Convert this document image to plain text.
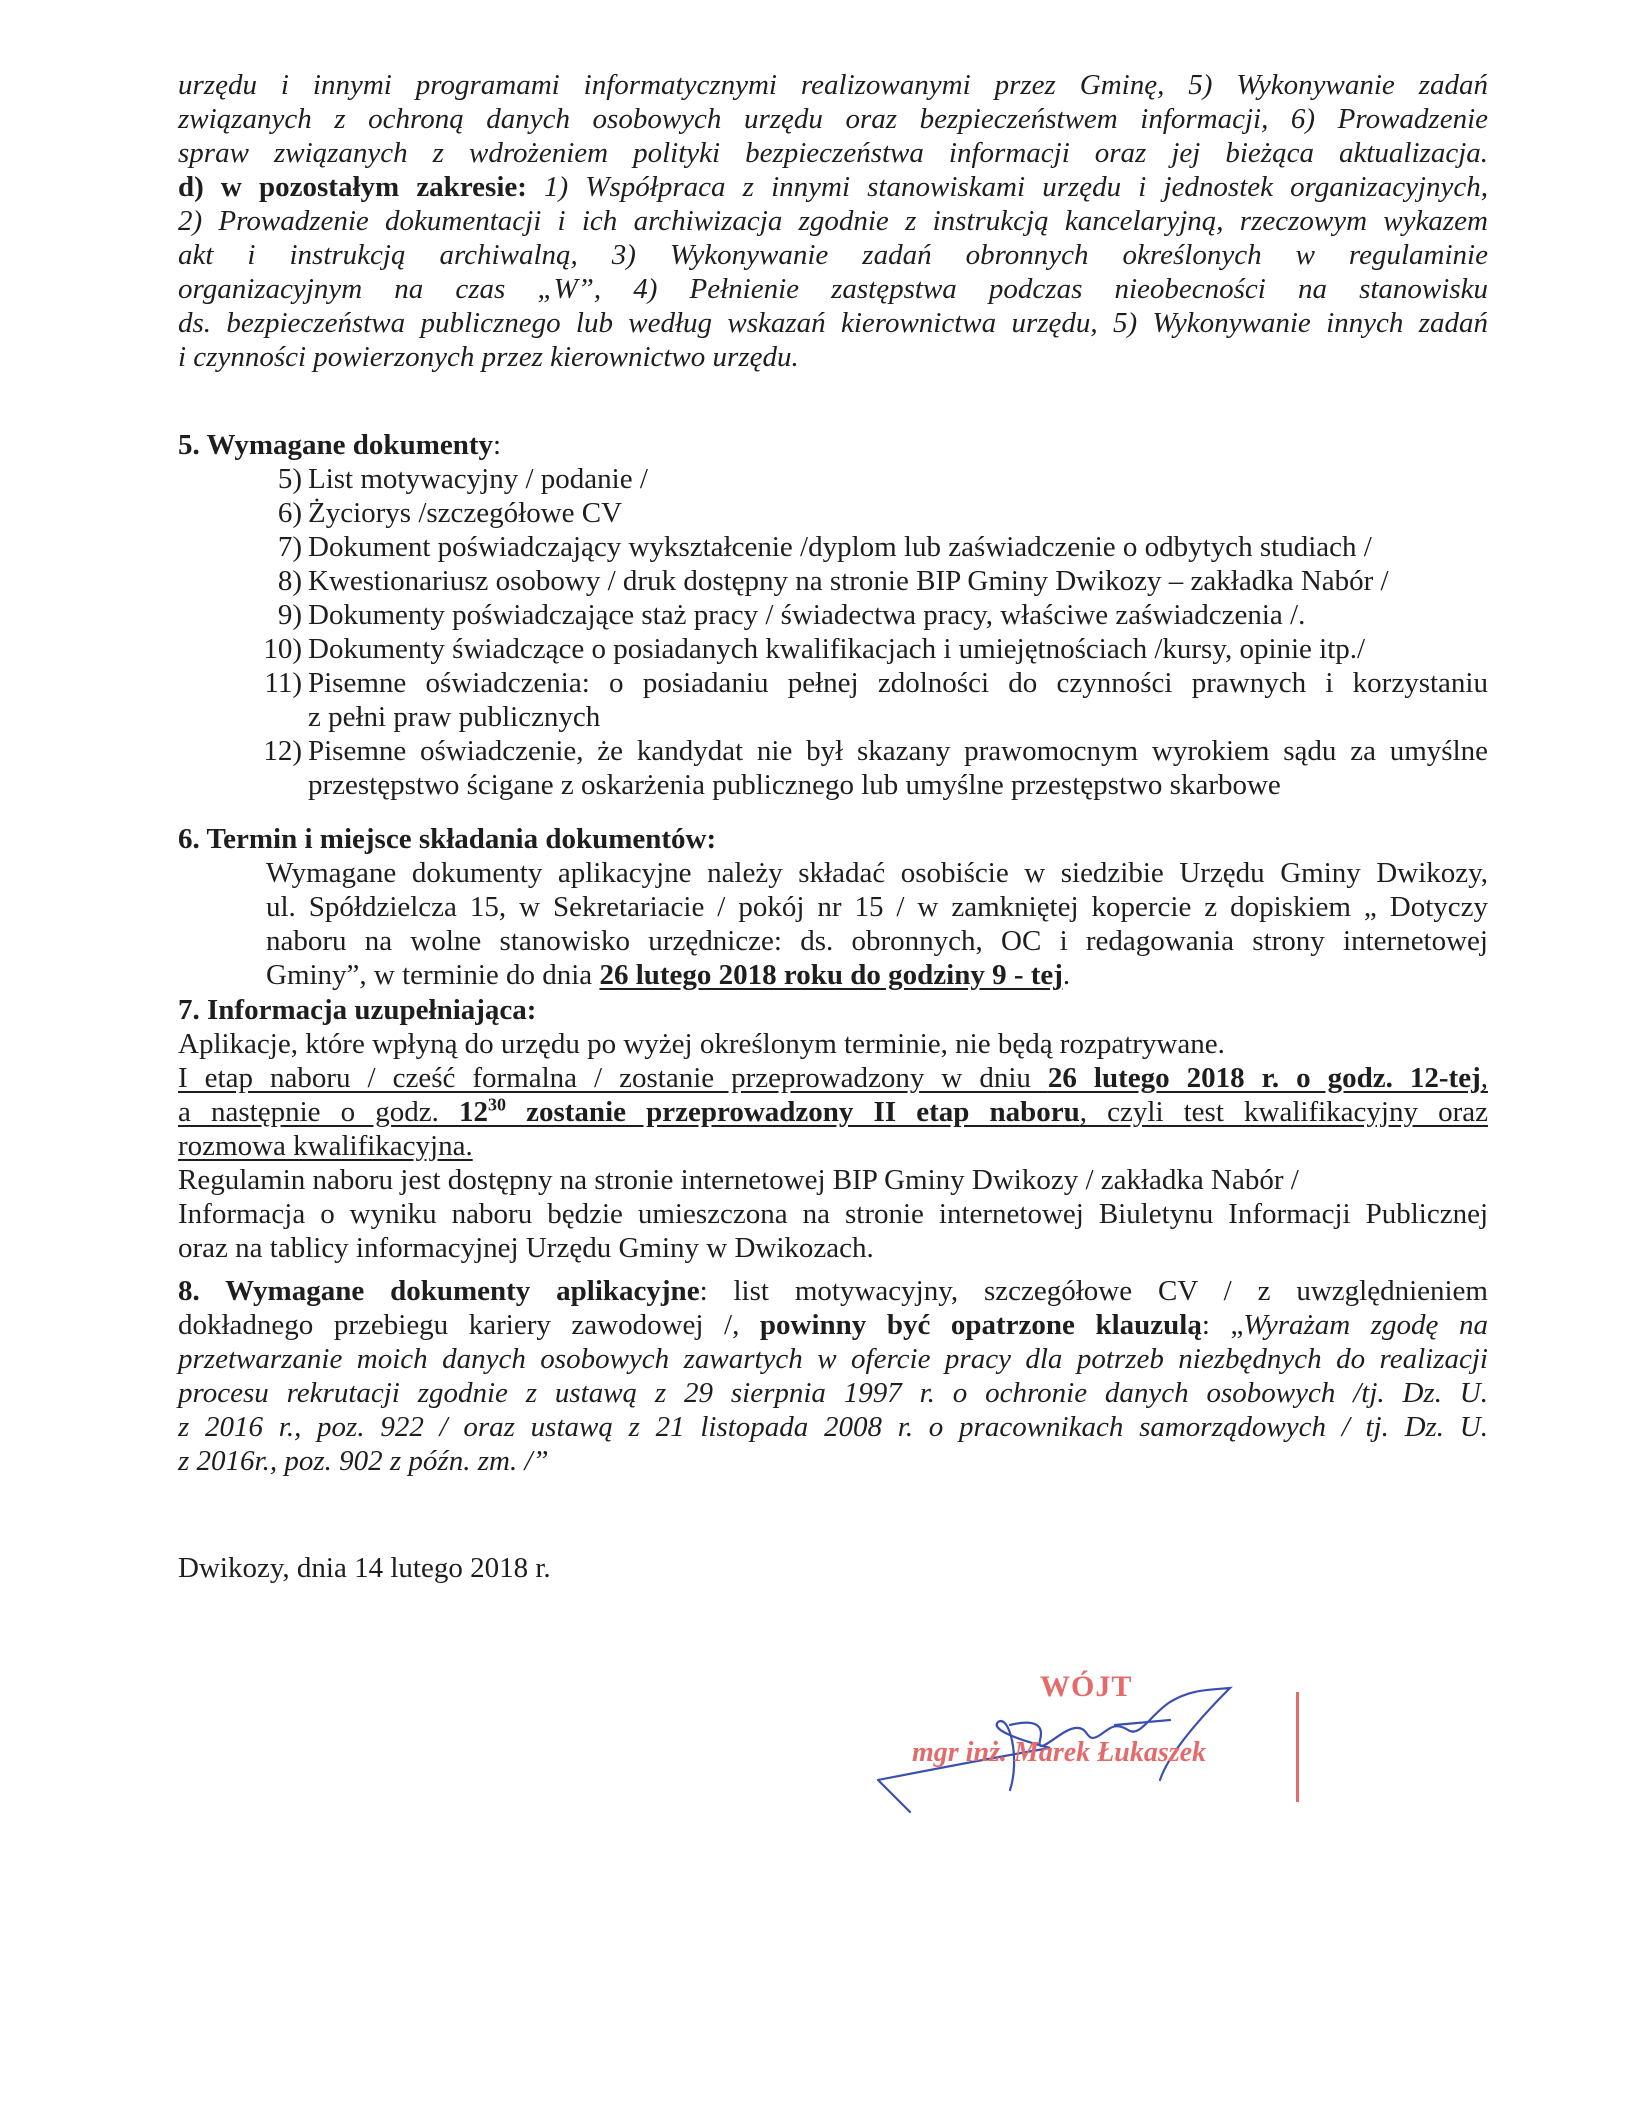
urzędu i innymi programami informatycznymi realizowanymi przez Gminę, 5) Wykonywanie zadań

związanych z ochroną danych osobowych urzędu oraz bezpieczeństwem informacji, 6) Prowadzenie

spraw związanych z wdrożeniem polityki bezpieczeństwa informacji oraz jej bieżąca aktualizacja.

d) w pozostałym zakresie: 1) Współpraca z innymi stanowiskami urzędu i jednostek organizacyjnych,

2) Prowadzenie dokumentacji i ich archiwizacja zgodnie z instrukcją kancelaryjną, rzeczowym wykazem

akt i instrukcją archiwalną, 3) Wykonywanie zadań obronnych określonych w regulaminie

organizacyjnym na czas „W”, 4) Pełnienie zastępstwa podczas nieobecności na stanowisku

ds. bezpieczeństwa publicznego lub według wskazań kierownictwa urzędu, 5) Wykonywanie innych zadań

i czynności powierzonych przez kierownictwo urzędu.

5. Wymagane dokumenty:

5) List motywacyjny / podanie /

6) Życiorys /szczegółowe CV

7) Dokument poświadczający wykształcenie /dyplom lub zaświadczenie o odbytych studiach /

8) Kwestionariusz osobowy / druk dostępny na stronie BIP Gminy Dwikozy – zakładka Nabór /

9) Dokumenty poświadczające staż pracy / świadectwa pracy, właściwe zaświadczenia /.

10) Dokumenty świadczące o posiadanych kwalifikacjach i umiejętnościach /kursy, opinie itp./

11) Pisemne oświadczenia: o posiadaniu pełnej zdolności do czynności prawnych i korzystaniu

z pełni praw publicznych

12) Pisemne oświadczenie, że kandydat nie był skazany prawomocnym wyrokiem sądu za umyślne

przestępstwo ścigane z oskarżenia publicznego lub umyślne przestępstwo skarbowe

6. Termin i miejsce składania dokumentów:

Wymagane dokumenty aplikacyjne należy składać osobiście w siedzibie Urzędu Gminy Dwikozy,

ul. Spółdzielcza 15, w Sekretariacie / pokój nr 15 / w zamkniętej kopercie z dopiskiem „ Dotyczy

naboru na wolne stanowisko urzędnicze: ds. obronnych, OC i redagowania strony internetowej

Gminy”, w terminie do dnia 26 lutego 2018 roku do godziny 9 - tej.

7. Informacja uzupełniająca:

Aplikacje, które wpłyną do urzędu po wyżej określonym terminie, nie będą rozpatrywane.

I etap naboru / cześć formalna / zostanie przeprowadzony w dniu 26 lutego 2018 r. o godz. 12-tej,

a następnie o godz. $12^{30}$ zostanie przeprowadzony II etap naboru, czyli test kwalifikacyjny oraz

rozmowa kwalifikacyjna.

Regulamin naboru jest dostępny na stronie internetowej BIP Gminy Dwikozy / zakładka Nabór /

Informacja o wyniku naboru będzie umieszczona na stronie internetowej Biuletynu Informacji Publicznej

oraz na tablicy informacyjnej Urzędu Gminy w Dwikozach.

8. Wymagane dokumenty aplikacyjne: list motywacyjny, szczegółowe CV / z uwzględnieniem

dokładnego przebiegu kariery zawodowej /, powinny być opatrzone klauzulą: „Wyrażam zgodę na

przetwarzanie moich danych osobowych zawartych w ofercie pracy dla potrzeb niezbędnych do realizacji

procesu rekrutacji zgodnie z ustawą z 29 sierpnia 1997 r. o ochronie danych osobowych /tj. Dz. U.

z 2016 r., poz. 922 / oraz ustawą z 21 listopada 2008 r. o pracownikach samorządowych / tj. Dz. U.

z 2016r., poz. 902 z późn. zm. /”

Dwikozy, dnia 14 lutego 2018 r.
WÓJT
mgr inż. Marek Łukaszek
